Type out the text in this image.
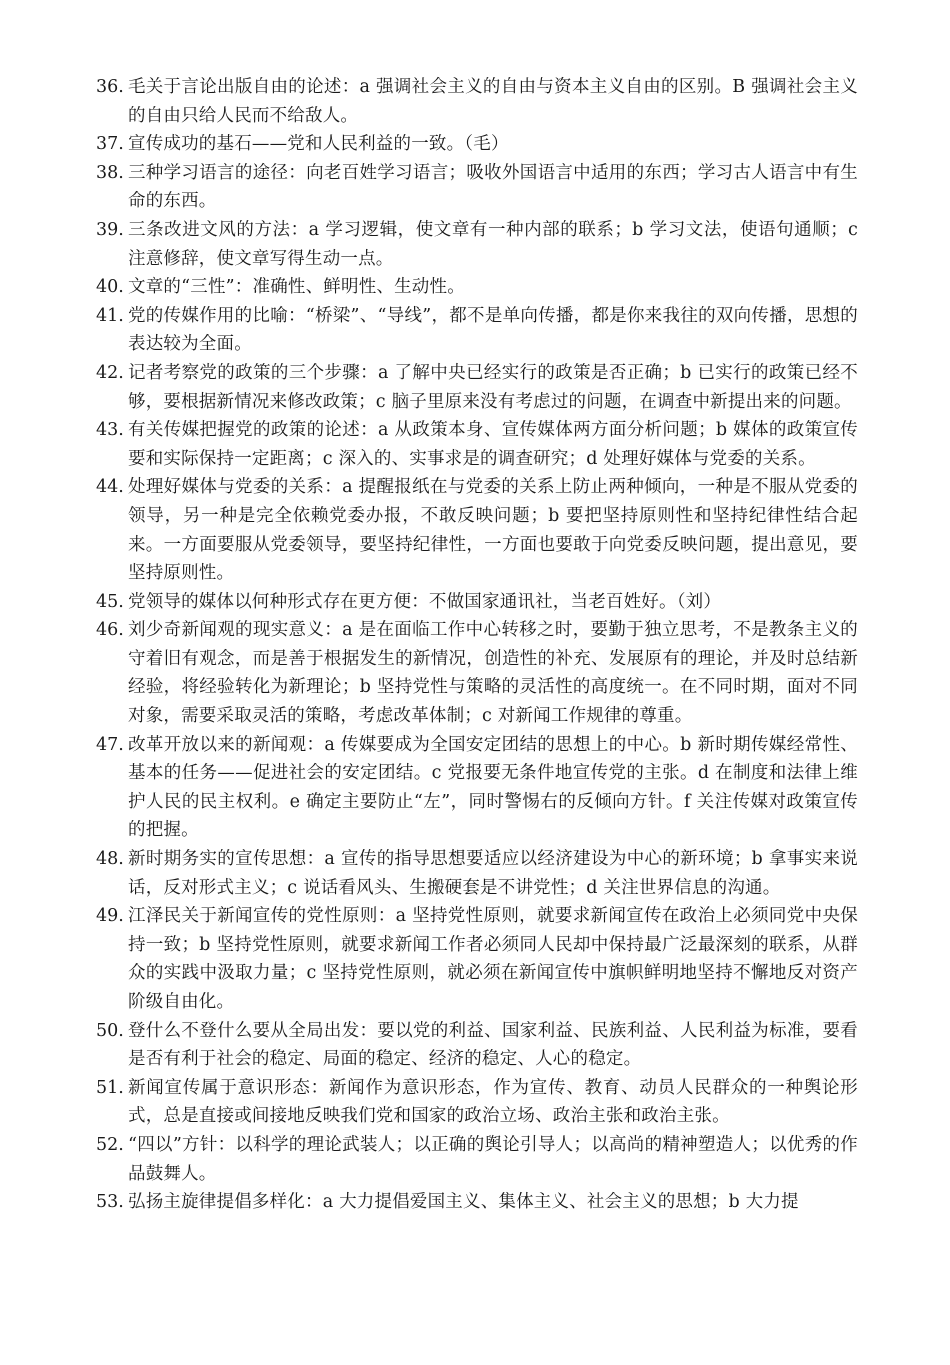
36. 毛关于言论出版自由的论述：a 强调社会主义的自由与资本主义自由的区别。B 强调社会主义的自由只给人民而不给敌人。
37. 宣传成功的基石——党和人民利益的一致。（毛）
38. 三种学习语言的途径：向老百姓学习语言；吸收外国语言中适用的东西；学习古人语言中有生命的东西。
39. 三条改进文风的方法：a 学习逻辑，使文章有一种内部的联系；b 学习文法，使语句通顺；c 注意修辞，使文章写得生动一点。
40. 文章的“三性”：准确性、鲜明性、生动性。
41. 党的传媒作用的比喻：“桥梁”、“导线”，都不是单向传播，都是你来我往的双向传播，思想的表达较为全面。
42. 记者考察党的政策的三个步骤：a 了解中央已经实行的政策是否正确；b 已实行的政策已经不够，要根据新情况来修改政策；c 脑子里原来没有考虑过的问题，在调查中新提出来的问题。
43. 有关传媒把握党的政策的论述：a 从政策本身、宣传媒体两方面分析问题；b 媒体的政策宣传要和实际保持一定距离；c 深入的、实事求是的调查研究；d 处理好媒体与党委的关系。
44. 处理好媒体与党委的关系：a 提醒报纸在与党委的关系上防止两种倾向，一种是不服从党委的领导，另一种是完全依赖党委办报，不敢反映问题；b 要把坚持原则性和坚持纪律性结合起来。一方面要服从党委领导，要坚持纪律性，一方面也要敢于向党委反映问题，提出意见，要坚持原则性。
45. 党领导的媒体以何种形式存在更方便：不做国家通讯社，当老百姓好。（刘）
46. 刘少奇新闻观的现实意义：a 是在面临工作中心转移之时，要勤于独立思考，不是教条主义的守着旧有观念，而是善于根据发生的新情况，创造性的补充、发展原有的理论，并及时总结新经验，将经验转化为新理论；b 坚持党性与策略的灵活性的高度统一。在不同时期，面对不同对象，需要采取灵活的策略，考虑改革体制；c 对新闻工作规律的尊重。
47. 改革开放以来的新闻观：a 传媒要成为全国安定团结的思想上的中心。b 新时期传媒经常性、基本的任务——促进社会的安定团结。c 党报要无条件地宣传党的主张。d 在制度和法律上维护人民的民主权利。e 确定主要防止“左”，同时警惕右的反倾向方针。f 关注传媒对政策宣传的把握。
48. 新时期务实的宣传思想：a 宣传的指导思想要适应以经济建设为中心的新环境；b 拿事实来说话，反对形式主义；c 说话看风头、生搬硬套是不讲党性；d 关注世界信息的沟通。
49. 江泽民关于新闻宣传的党性原则：a 坚持党性原则，就要求新闻宣传在政治上必须同党中央保持一致；b 坚持党性原则，就要求新闻工作者必须同人民却中保持最广泛最深刻的联系，从群众的实践中汲取力量；c 坚持党性原则，就必须在新闻宣传中旗帜鲜明地坚持不懈地反对资产阶级自由化。
50. 登什么不登什么要从全局出发：要以党的利益、国家利益、民族利益、人民利益为标准，要看是否有利于社会的稳定、局面的稳定、经济的稳定、人心的稳定。
51. 新闻宣传属于意识形态：新闻作为意识形态，作为宣传、教育、动员人民群众的一种舆论形式，总是直接或间接地反映我们党和国家的政治立场、政治主张和政治主张。
52. “四以”方针：以科学的理论武装人；以正确的舆论引导人；以高尚的精神塑造人；以优秀的作品鼓舞人。
53. 弘扬主旋律提倡多样化：a 大力提倡爱国主义、集体主义、社会主义的思想；b 大力提
